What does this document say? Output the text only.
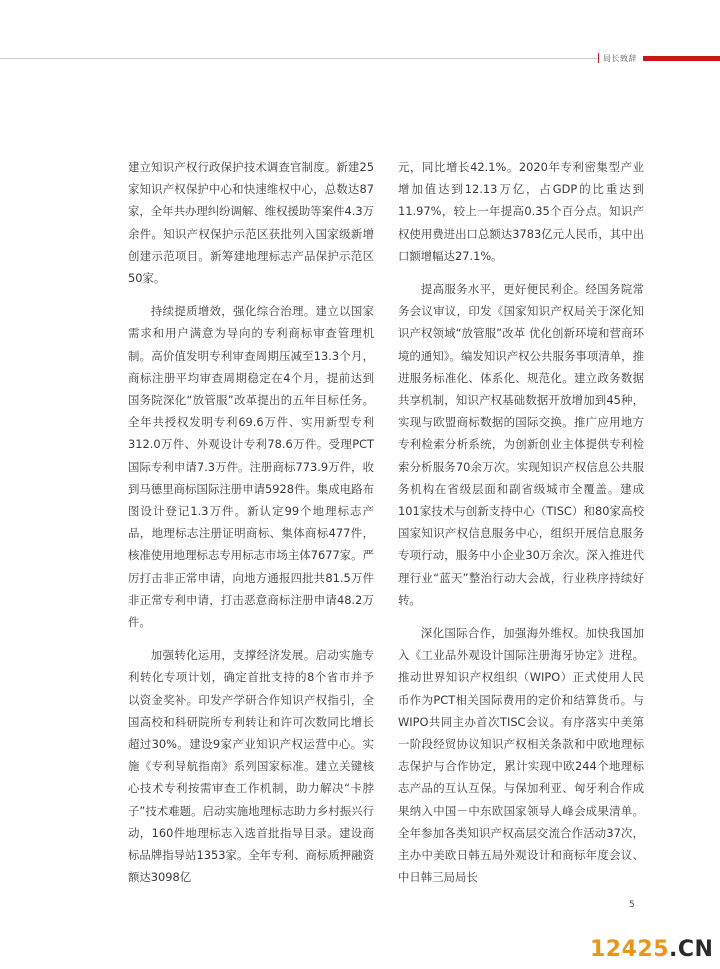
局长致辞

建立知识产权行政保护技术调查官制度。新建25家知识产权保护中心和快速维权中心，总数达87家，全年共办理纠纷调解、维权援助等案件4.3万余件。知识产权保护示范区获批列入国家级新增创建示范项目。新筹建地理标志产品保护示范区50家。

持续提质增效，强化综合治理。建立以国家需求和用户满意为导向的专利商标审查管理机制。高价值发明专利审查周期压减至13.3个月，商标注册平均审查周期稳定在4个月，提前达到国务院深化“放管服”改革提出的五年目标任务。全年共授权发明专利69.6万件、实用新型专利312.0万件、外观设计专利78.6万件。受理PCT国际专利申请7.3万件。注册商标773.9万件，收到马德里商标国际注册申请5928件。集成电路布图设计登记1.3万件。新认定99个地理标志产品，地理标志注册证明商标、集体商标477件，核准使用地理标志专用标志市场主体7677家。严厉打击非正常申请，向地方通报四批共81.5万件非正常专利申请，打击恶意商标注册申请48.2万件。

加强转化运用，支撑经济发展。启动实施专利转化专项计划，确定首批支持的8个省市并予以资金奖补。印发产学研合作知识产权指引，全国高校和科研院所专利转让和许可次数同比增长超过30%。建设9家产业知识产权运营中心。实施《专利导航指南》系列国家标准。建立关键核心技术专利按需审查工作机制，助力解决“卡脖子”技术难题。启动实施地理标志助力乡村振兴行动，160件地理标志入选首批指导目录。建设商标品牌指导站1353家。全年专利、商标质押融资额达3098亿

元，同比增长42.1%。2020年专利密集型产业增加值达到12.13万亿，占GDP的比重达到11.97%，较上一年提高0.35个百分点。知识产权使用费进出口总额达3783亿元人民币，其中出口额增幅达27.1%。

提高服务水平，更好便民利企。经国务院常务会议审议，印发《国家知识产权局关于深化知识产权领域“放管服”改革 优化创新环境和营商环境的通知》。编发知识产权公共服务事项清单，推进服务标准化、体系化、规范化。建立政务数据共享机制，知识产权基础数据开放增加到45种，实现与欧盟商标数据的国际交换。推广应用地方专利检索分析系统，为创新创业主体提供专利检索分析服务70余万次。实现知识产权信息公共服务机构在省级层面和副省级城市全覆盖。建成101家技术与创新支持中心（TISC）和80家高校国家知识产权信息服务中心，组织开展信息服务专项行动，服务中小企业30万余次。深入推进代理行业“蓝天”整治行动大会战，行业秩序持续好转。

深化国际合作，加强海外维权。加快我国加入《工业品外观设计国际注册海牙协定》进程。推动世界知识产权组织（WIPO）正式使用人民币作为PCT相关国际费用的定价和结算货币。与WIPO共同主办首次TISC会议。有序落实中美第一阶段经贸协议知识产权相关条款和中欧地理标志保护与合作协定，累计实现中欧244个地理标志产品的互认互保。与保加利亚、匈牙利合作成果纳入中国－中东欧国家领导人峰会成果清单。全年参加各类知识产权高层交流合作活动37次，主办中美欧日韩五局外观设计和商标年度会议、中日韩三局局长

5
12425 .CN
